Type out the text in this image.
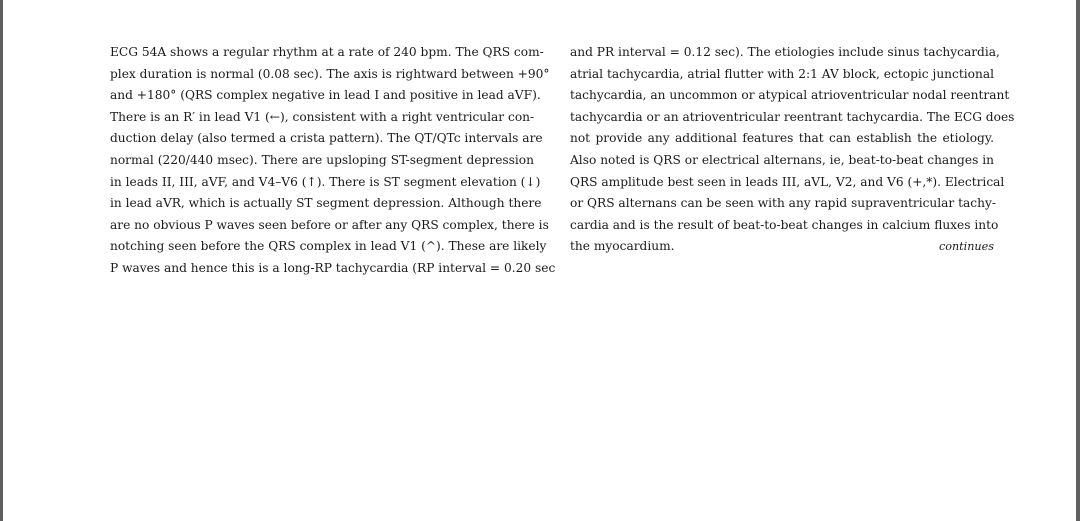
ECG 54A shows a regular rhythm at a rate of 240 bpm. The QRS com-
plex duration is normal (0.08 sec). The axis is rightward between +90°
and +180° (QRS complex negative in lead I and positive in lead aVF).
There is an R′ in lead V1 (←), consistent with a right ventricular con-
duction delay (also termed a crista pattern). The QT/QTc intervals are
normal (220/440 msec). There are upsloping ST-segment depression
in leads II, III, aVF, and V4–V6 (↑). There is ST segment elevation (↓)
in lead aVR, which is actually ST segment depression. Although there
are no obvious P waves seen before or after any QRS complex, there is
notching seen before the QRS complex in lead V1 (^). These are likely
P waves and hence this is a long-RP tachycardia (RP interval = 0.20 sec
and PR interval = 0.12 sec). The etiologies include sinus tachycardia,
atrial tachycardia, atrial flutter with 2:1 AV block, ectopic junctional
tachycardia, an uncommon or atypical atrioventricular nodal reentrant
tachycardia or an atrioventricular reentrant tachycardia. The ECG does
not provide any additional features that can establish the etiology.
Also noted is QRS or electrical alternans, ie, beat-to-beat changes in
QRS amplitude best seen in leads III, aVL, V2, and V6 (+,*). Electrical
or QRS alternans can be seen with any rapid supraventricular tachy-
cardia and is the result of beat-to-beat changes in calcium fluxes into
the myocardium.	continues
